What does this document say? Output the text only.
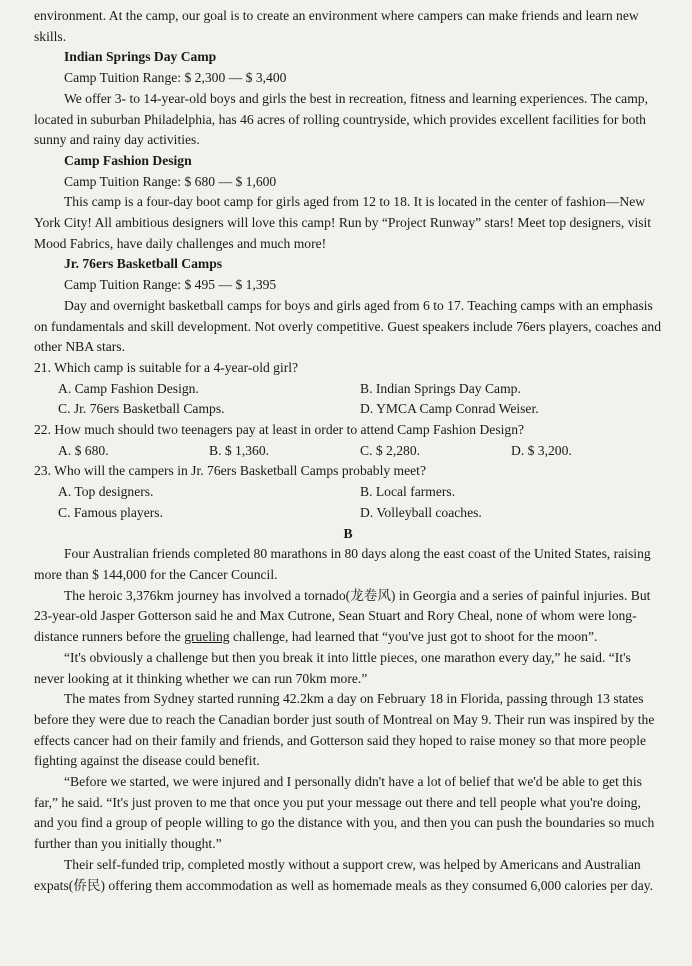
environment. At the camp, our goal is to create an environment where campers can make friends and learn new skills.

Indian Springs Day Camp

Camp Tuition Range: $ 2,300 — $ 3,400

We offer 3- to 14-year-old boys and girls the best in recreation, fitness and learning experiences. The camp, located in suburban Philadelphia, has 46 acres of rolling countryside, which provides excellent facilities for both sunny and rainy day activities.

Camp Fashion Design

Camp Tuition Range: $ 680 — $ 1,600

This camp is a four-day boot camp for girls aged from 12 to 18. It is located in the center of fashion—New York City! All ambitious designers will love this camp! Run by “Project Runway” stars! Meet top designers, visit Mood Fabrics, have daily challenges and much more!

Jr. 76ers Basketball Camps

Camp Tuition Range: $ 495 — $ 1,395

Day and overnight basketball camps for boys and girls aged from 6 to 17. Teaching camps with an emphasis on fundamentals and skill development. Not overly competitive. Guest speakers include 76ers players, coaches and other NBA stars.

21. Which camp is suitable for a 4-year-old girl?

A. Camp Fashion Design.	B. Indian Springs Day Camp.
C. Jr. 76ers Basketball Camps.	D. YMCA Camp Conrad Weiser.

22. How much should two teenagers pay at least in order to attend Camp Fashion Design?

A. $ 680.	B. $ 1,360.	C. $ 2,280.	D. $ 3,200.

23. Who will the campers in Jr. 76ers Basketball Camps probably meet?

A. Top designers.	B. Local farmers.
C. Famous players.	D. Volleyball coaches.

B

Four Australian friends completed 80 marathons in 80 days along the east coast of the United States, raising more than $ 144,000 for the Cancer Council.

The heroic 3,376km journey has involved a tornado(龙卷风) in Georgia and a series of painful injuries. But 23-year-old Jasper Gotterson said he and Max Cutrone, Sean Stuart and Rory Cheal, none of whom were long-distance runners before the grueling challenge, had learned that “you've just got to shoot for the moon”.

“It's obviously a challenge but then you break it into little pieces, one marathon every day,” he said. “It's never looking at it thinking whether we can run 70km more.”

The mates from Sydney started running 42.2km a day on February 18 in Florida, passing through 13 states before they were due to reach the Canadian border just south of Montreal on May 9. Their run was inspired by the effects cancer had on their family and friends, and Gotterson said they hoped to raise money so that more people fighting against the disease could benefit.

“Before we started, we were injured and I personally didn't have a lot of belief that we'd be able to get this far,” he said. “It's just proven to me that once you put your message out there and tell people what you're doing, and you find a group of people willing to go the distance with you, and then you can push the boundaries so much further than you initially thought.”

Their self-funded trip, completed mostly without a support crew, was helped by Americans and Australian expats(侨民) offering them accommodation as well as homemade meals as they consumed 6,000 calories per day.
